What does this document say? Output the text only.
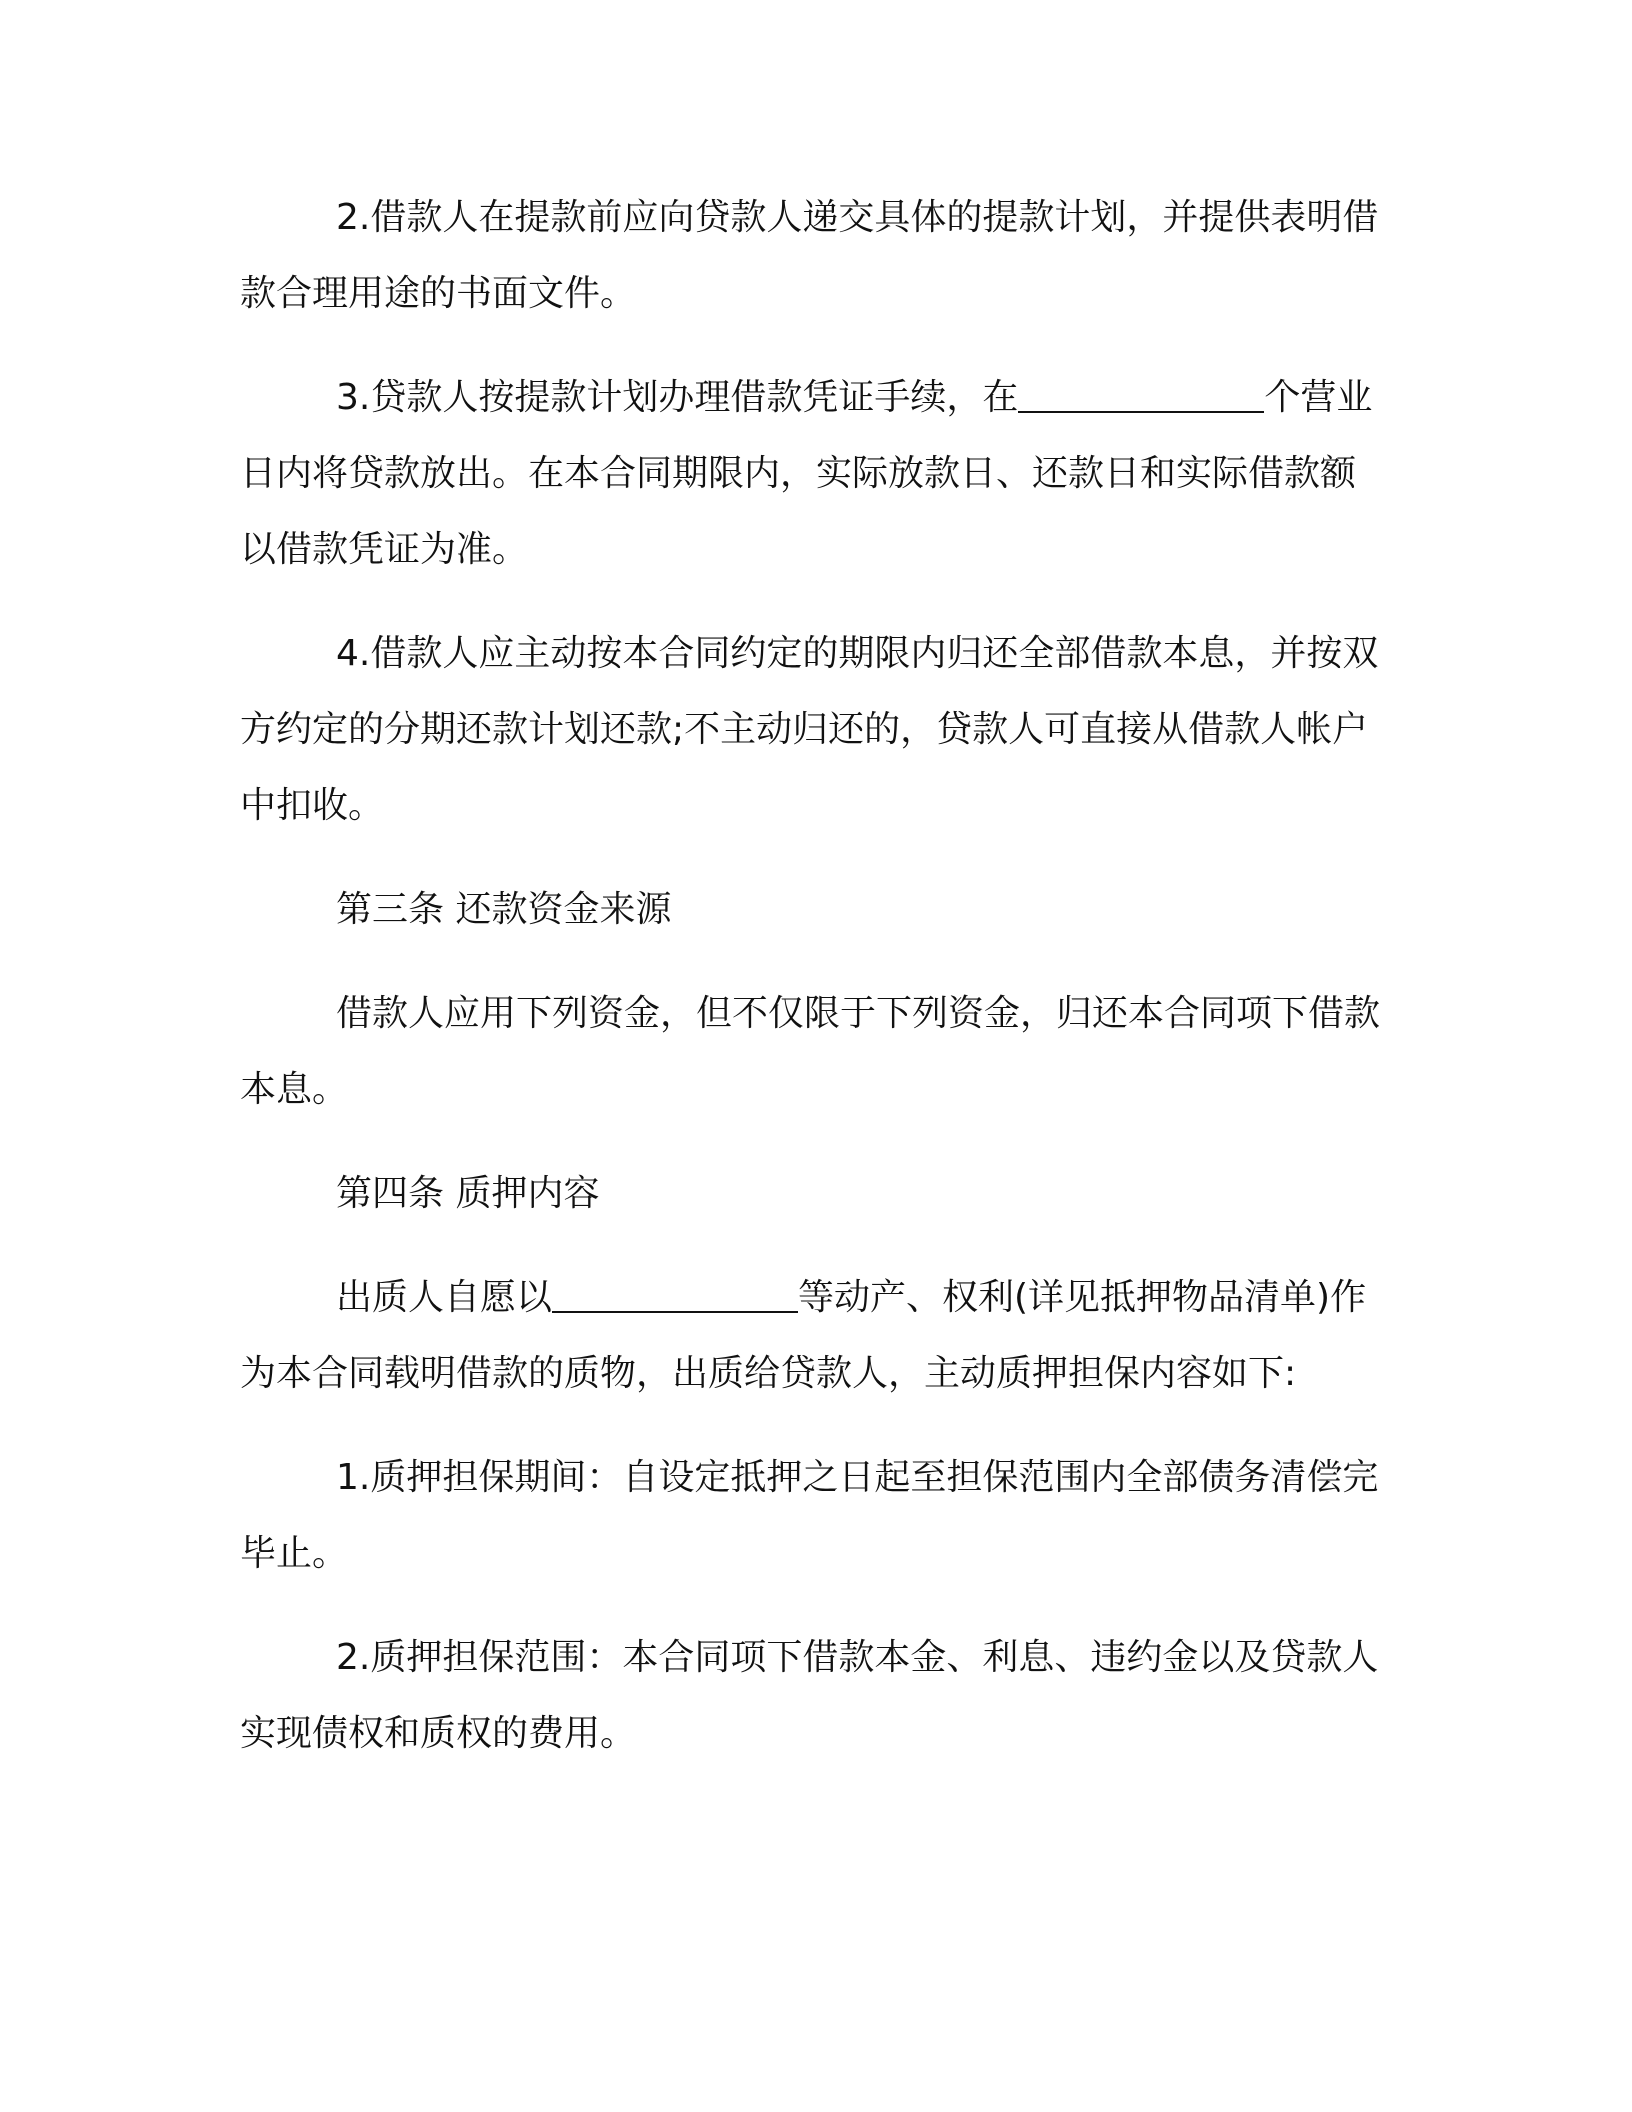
2.借款人在提款前应向贷款人递交具体的提款计划，并提供表明借款合理用途的书面文件。

3.贷款人按提款计划办理借款凭证手续，在	个营业日内将贷款放出。在本合同期限内，实际放款日、还款日和实际借款额以借款凭证为准。

4.借款人应主动按本合同约定的期限内归还全部借款本息，并按双方约定的分期还款计划还款;不主动归还的，贷款人可直接从借款人帐户中扣收。

第三条 还款资金来源

借款人应用下列资金，但不仅限于下列资金，归还本合同项下借款本息。

第四条 质押内容

出质人自愿以	等动产、权利(详见抵押物品清单)作为本合同载明借款的质物，出质给贷款人，主动质押担保内容如下:

1.质押担保期间：自设定抵押之日起至担保范围内全部债务清偿完毕止。

2.质押担保范围：本合同项下借款本金、利息、违约金以及贷款人实现债权和质权的费用。
